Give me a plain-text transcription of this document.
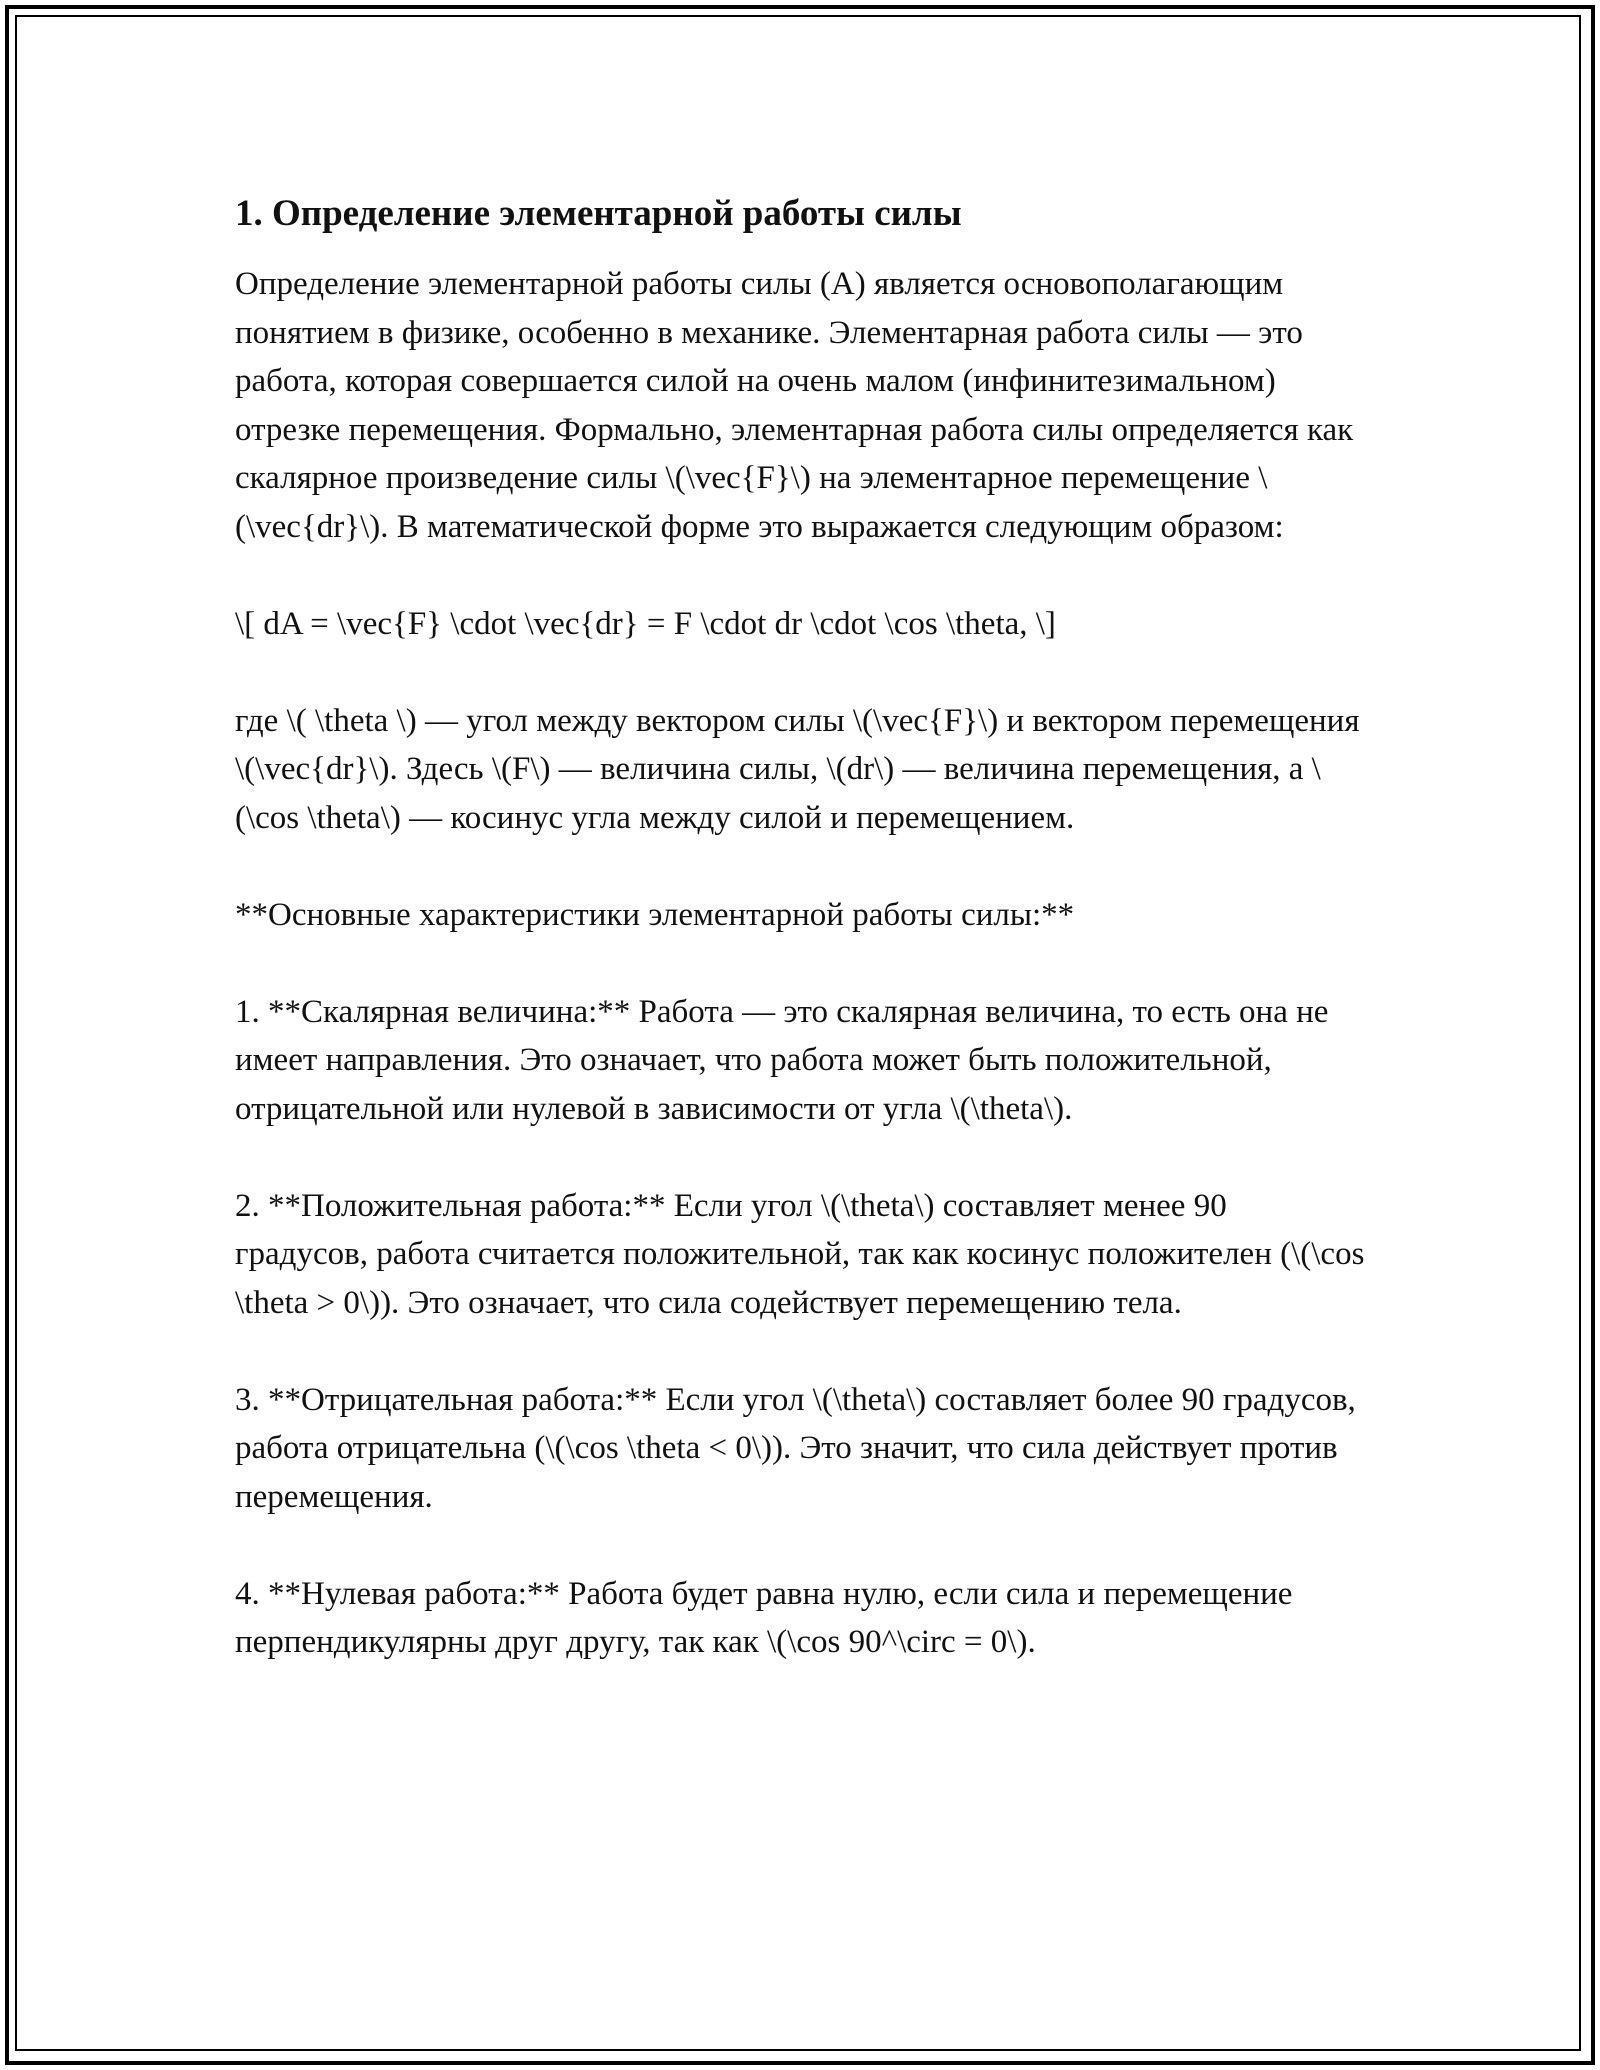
1. Определение элементарной работы силы

Определение элементарной работы силы (A) является основополагающим понятием в физике, особенно в механике. Элементарная работа силы — это работа, которая совершается силой на очень малом (инфинитезимальном) отрезке перемещения. Формально, элементарная работа силы определяется как скалярное произведение силы \(\vec{F}\) на элементарное перемещение \(\vec{dr}\). В математической форме это выражается следующим образом:

\[ dA = \vec{F} \cdot \vec{dr} = F \cdot dr \cdot \cos \theta, \]

где \( \theta \) — угол между вектором силы \(\vec{F}\) и вектором перемещения \(\vec{dr}\). Здесь \(F\) — величина силы, \(dr\) — величина перемещения, а \(\cos \theta\) — косинус угла между силой и перемещением.

**Основные характеристики элементарной работы силы:**

1. **Скалярная величина:** Работа — это скалярная величина, то есть она не имеет направления. Это означает, что работа может быть положительной, отрицательной или нулевой в зависимости от угла \(\theta\).

2. **Положительная работа:** Если угол \(\theta\) составляет менее 90 градусов, работа считается положительной, так как косинус положителен (\(\cos \theta > 0\)). Это означает, что сила содействует перемещению тела.

3. **Отрицательная работа:** Если угол \(\theta\) составляет более 90 градусов, работа отрицательна (\(\cos \theta < 0\)). Это значит, что сила действует против перемещения.

4. **Нулевая работа:** Работа будет равна нулю, если сила и перемещение перпендикулярны друг другу, так как \(\cos 90^\circ = 0\).
